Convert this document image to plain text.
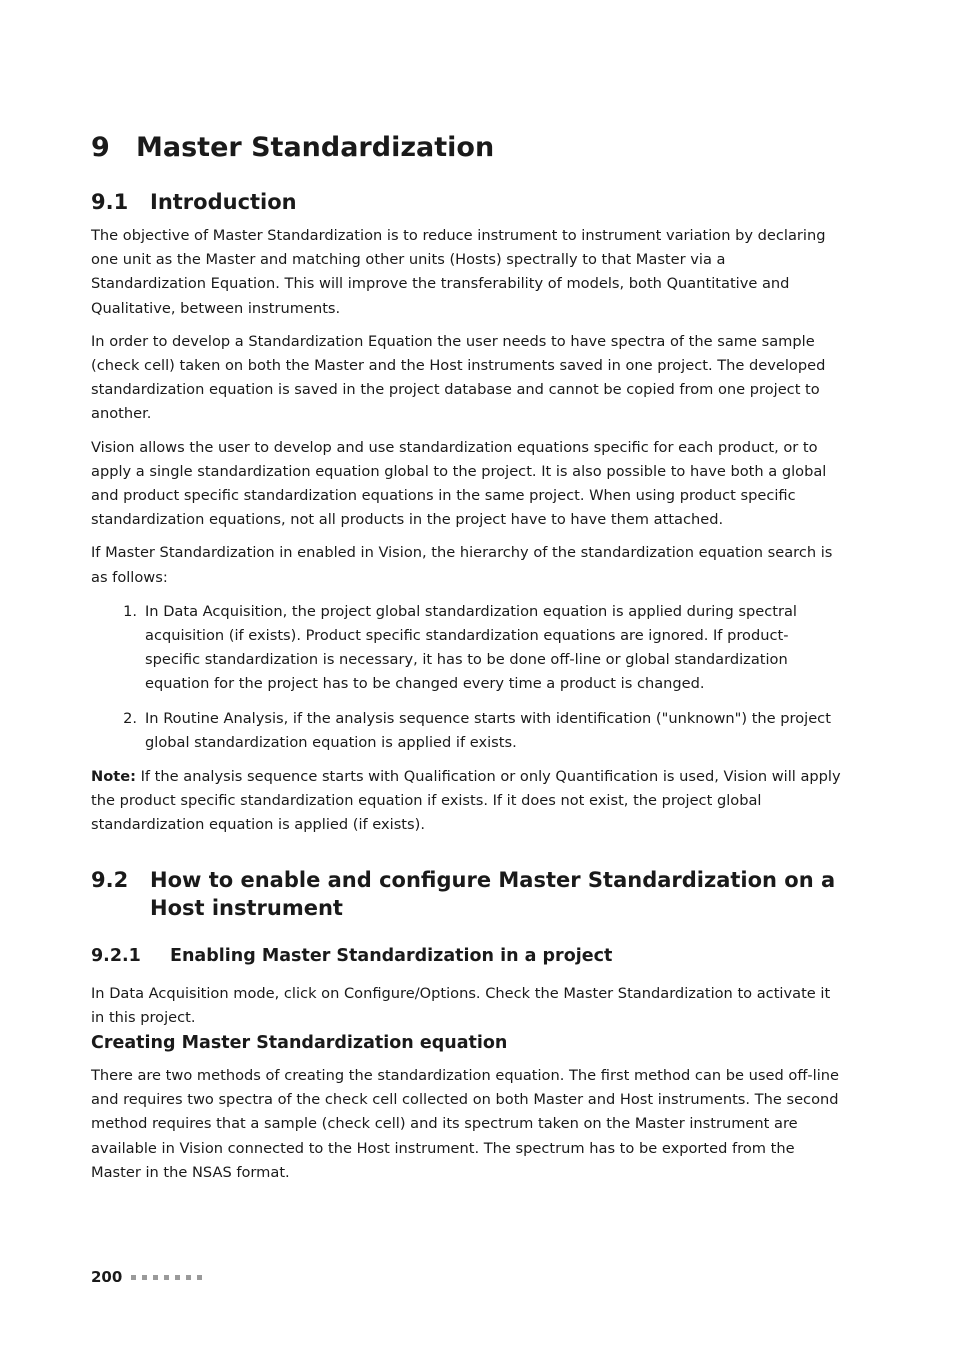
9 Master Standardization
9.1	Introduction

The objective of Master Standardization is to reduce instrument to instrument variation by declaring one unit as the Master and matching other units (Hosts) spectrally to that Master via a Standardization Equation. This will improve the transferability of models, both Quantitative and Qualitative, between instruments.

In order to develop a Standardization Equation the user needs to have spectra of the same sample (check cell) taken on both the Master and the Host instruments saved in one project. The developed standardization equation is saved in the project database and cannot be copied from one project to another.

Vision allows the user to develop and use standardization equations specific for each product, or to apply a single standardization equation global to the project. It is also possible to have both a global and product specific standardization equations in the same project. When using product specific standardization equations, not all products in the project have to have them attached.

If Master Standardization in enabled in Vision, the hierarchy of the standardization equation search is as follows:

1. In Data Acquisition, the project global standardization equation is applied during spectral acquisition (if exists). Product specific standardization equations are ignored. If product-specific standardization is necessary, it has to be done off-line or global standardization equation for the project has to be changed every time a product is changed.
2. In Routine Analysis, if the analysis sequence starts with identification ("unknown") the project global standardization equation is applied if exists.

Note: If the analysis sequence starts with Qualification or only Quantification is used, Vision will apply the product specific standardization equation if exists. If it does not exist, the project global standardization equation is applied (if exists).

9.2	How to enable and configure Master Standardization on a Host instrument
9.2.1	Enabling Master Standardization in a project

In Data Acquisition mode, click on Configure/Options. Check the Master Standardization to activate it in this project.

Creating Master Standardization equation

There are two methods of creating the standardization equation. The first method can be used off-line and requires two spectra of the check cell collected on both Master and Host instruments. The second method requires that a sample (check cell) and its spectrum taken on the Master instrument are available in Vision connected to the Host instrument. The spectrum has to be exported from the Master in the NSAS format.

200
